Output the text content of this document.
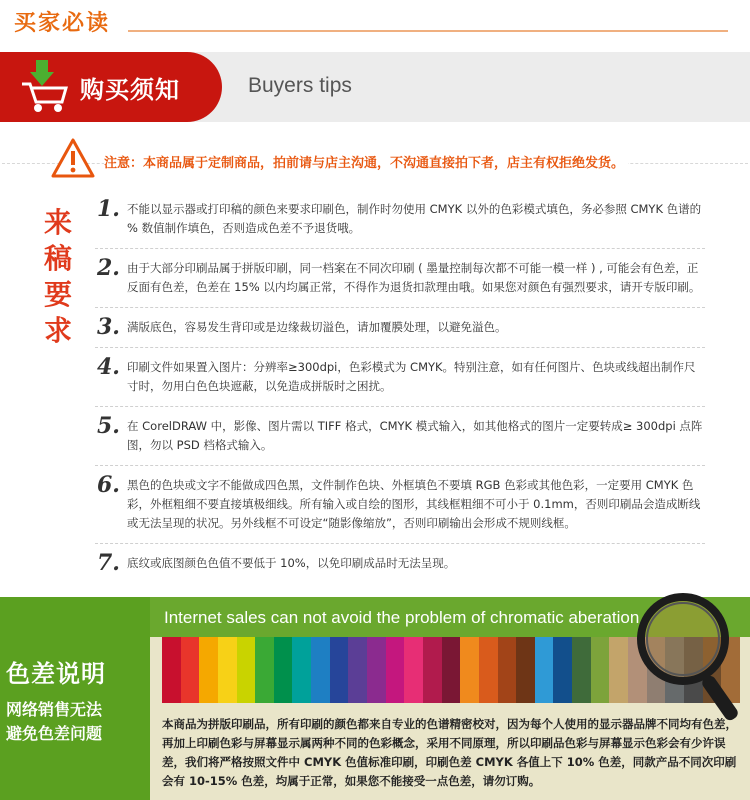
买家必读
购买须知	Buyers tips
注意：本商品属于定制商品，拍前请与店主沟通，不沟通直接拍下者，店主有权拒绝发货。
来
稿
要
求
1. 不能以显示器或打印稿的颜色来要求印刷色，制作时勿使用 CMYK 以外的色彩模式填色，务必参照 CMYK 色谱的 % 数值制作填色，否则造成色差不予退货哦。
2. 由于大部分印刷品属于拼版印刷，同一档案在不同次印刷 ( 墨量控制每次都不可能一模一样 ) , 可能会有色差，正反面有色差，色差在 15% 以内均属正常，不得作为退货扣款理由哦。如果您对颜色有强烈要求，请开专版印刷。
3. 满版底色，容易发生背印或是边缘裁切溢色，请加覆膜处理，以避免溢色。
4. 印刷文件如果置入图片：分辨率≥300dpi，色彩模式为 CMYK。特别注意，如有任何图片、色块或线超出制作尺寸时，勿用白色色块遮蔽，以免造成拼版时之困扰。
5. 在 CorelDRAW 中，影像、图片需以 TIFF 格式，CMYK 模式输入，如其他格式的图片一定要转成≥ 300dpi 点阵图，勿以 PSD 档格式输入。
6. 黑色的色块或文字不能做成四色黑，文件制作色块、外框填色不要填 RGB 色彩或其他色彩，一定要用 CMYK 色彩，外框粗细不要直接填极细线。所有输入或自绘的图形，其线框粗细不可小于 0.1mm，否则印刷品会造成断线或无法呈现的状况。另外线框不可设定“随影像缩放”，否则印刷输出会形成不规则线框。
7. 底纹或底图颜色色值不要低于 10%，以免印刷成品时无法呈现。
色差说明
网络销售无法
避免色差问题
Internet sales can not avoid the problem of chromatic aberation
本商品为拼版印刷品，所有印刷的颜色都来自专业的色谱精密校对，因为每个人使用的显示器品牌不同均有色差，再加上印刷色彩与屏幕显示属两种不同的色彩概念，采用不同原理，所以印刷品色彩与屏幕显示色彩会有少许误差，我们将严格按照文件中 CMYK 色值标准印刷，印刷色差 CMYK 各值上下 10% 色差，同款产品不同次印刷会有 10-15% 色差，均属于正常，如果您不能接受一点色差，请勿订购。
